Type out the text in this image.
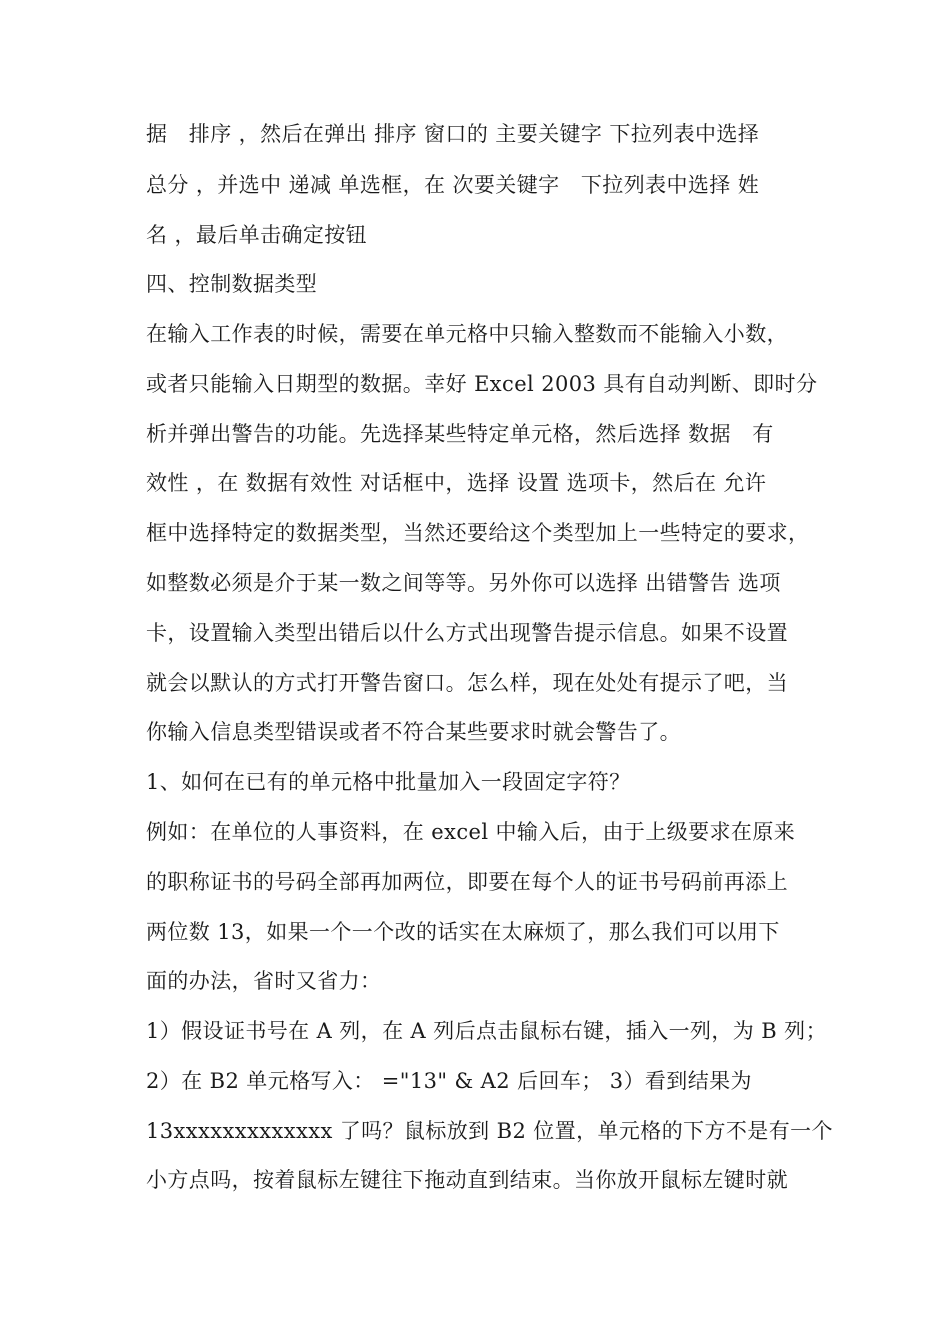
据　排序 ，然后在弹出 排序 窗口的 主要关键字 下拉列表中选择
总分 ，并选中 递减 单选框，在 次要关键字　下拉列表中选择 姓
名 ，最后单击确定按钮
四、控制数据类型
在输入工作表的时候，需要在单元格中只输入整数而不能输入小数，
或者只能输入日期型的数据。幸好 Excel 2003 具有自动判断、即时分
析并弹出警告的功能。先选择某些特定单元格，然后选择 数据　有
效性 ，在 数据有效性 对话框中，选择 设置 选项卡，然后在 允许
框中选择特定的数据类型，当然还要给这个类型加上一些特定的要求，
如整数必须是介于某一数之间等等。另外你可以选择 出错警告 选项
卡，设置输入类型出错后以什么方式出现警告提示信息。如果不设置
就会以默认的方式打开警告窗口。怎么样，现在处处有提示了吧，当
你输入信息类型错误或者不符合某些要求时就会警告了。
1、如何在已有的单元格中批量加入一段固定字符？
例如：在单位的人事资料，在 excel 中输入后，由于上级要求在原来
的职称证书的号码全部再加两位，即要在每个人的证书号码前再添上
两位数 13，如果一个一个改的话实在太麻烦了，那么我们可以用下
面的办法，省时又省力：
1）假设证书号在 A 列，在 A 列后点击鼠标右键，插入一列，为 B 列；
2）在 B2 单元格写入： ="13" & A2 后回车； 3）看到结果为
13xxxxxxxxxxxxx 了吗？鼠标放到 B2 位置，单元格的下方不是有一个
小方点吗，按着鼠标左键往下拖动直到结束。当你放开鼠标左键时就
